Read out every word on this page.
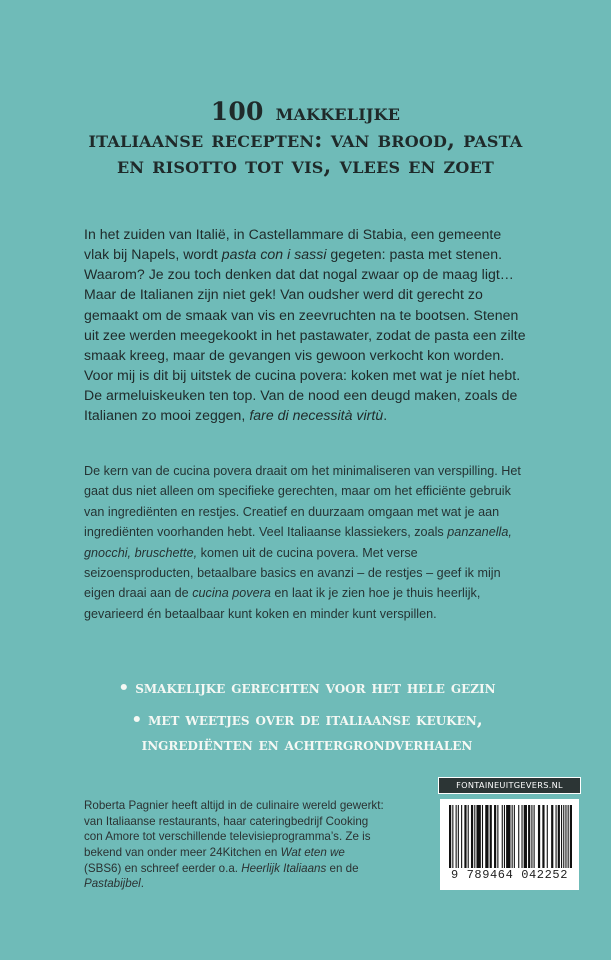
100 makkelijke
italiaanse recepten: van brood, pasta
en risotto tot vis, vlees en zoet
In het zuiden van Italië, in Castellammare di Stabia, een gemeente vlak bij Napels, wordt pasta con i sassi gegeten: pasta met stenen. Waarom? Je zou toch denken dat dat nogal zwaar op de maag ligt… Maar de Italianen zijn niet gek! Van oudsher werd dit gerecht zo gemaakt om de smaak van vis en zeevruchten na te bootsen. Stenen uit zee werden meegekookt in het pastawater, zodat de pasta een zilte smaak kreeg, maar de gevangen vis gewoon verkocht kon worden. Voor mij is dit bij uitstek de cucina povera: koken met wat je níet hebt. De armeluiskeuken ten top. Van de nood een deugd maken, zoals de Italianen zo mooi zeggen, fare di necessità virtù.
De kern van de cucina povera draait om het minimaliseren van verspilling. Het gaat dus niet alleen om specifieke gerechten, maar om het efficiënte gebruik van ingrediënten en restjes. Creatief en duurzaam omgaan met wat je aan ingrediënten voorhanden hebt. Veel Italiaanse klassiekers, zoals panzanella, gnocchi, bruschette, komen uit de cucina povera. Met verse seizoensproducten, betaalbare basics en avanzi – de restjes – geef ik mijn eigen draai aan de cucina povera en laat ik je zien hoe je thuis heerlijk, gevarieerd én betaalbaar kunt koken en minder kunt verspillen.
• smakelijke gerechten voor het hele gezin
• met weetjes over de italiaanse keuken, ingrediënten en achtergrondverhalen
Roberta Pagnier heeft altijd in de culinaire wereld gewerkt: van Italiaanse restaurants, haar cateringbedrijf Cooking con Amore tot verschillende televisieprogramma’s. Ze is bekend van onder meer 24Kitchen en Wat eten we (SBS6) en schreef eerder o.a. Heerlijk Italiaans en de Pastabijbel.
FONTAINEUITGEVERS.NL
9 789464 042252
